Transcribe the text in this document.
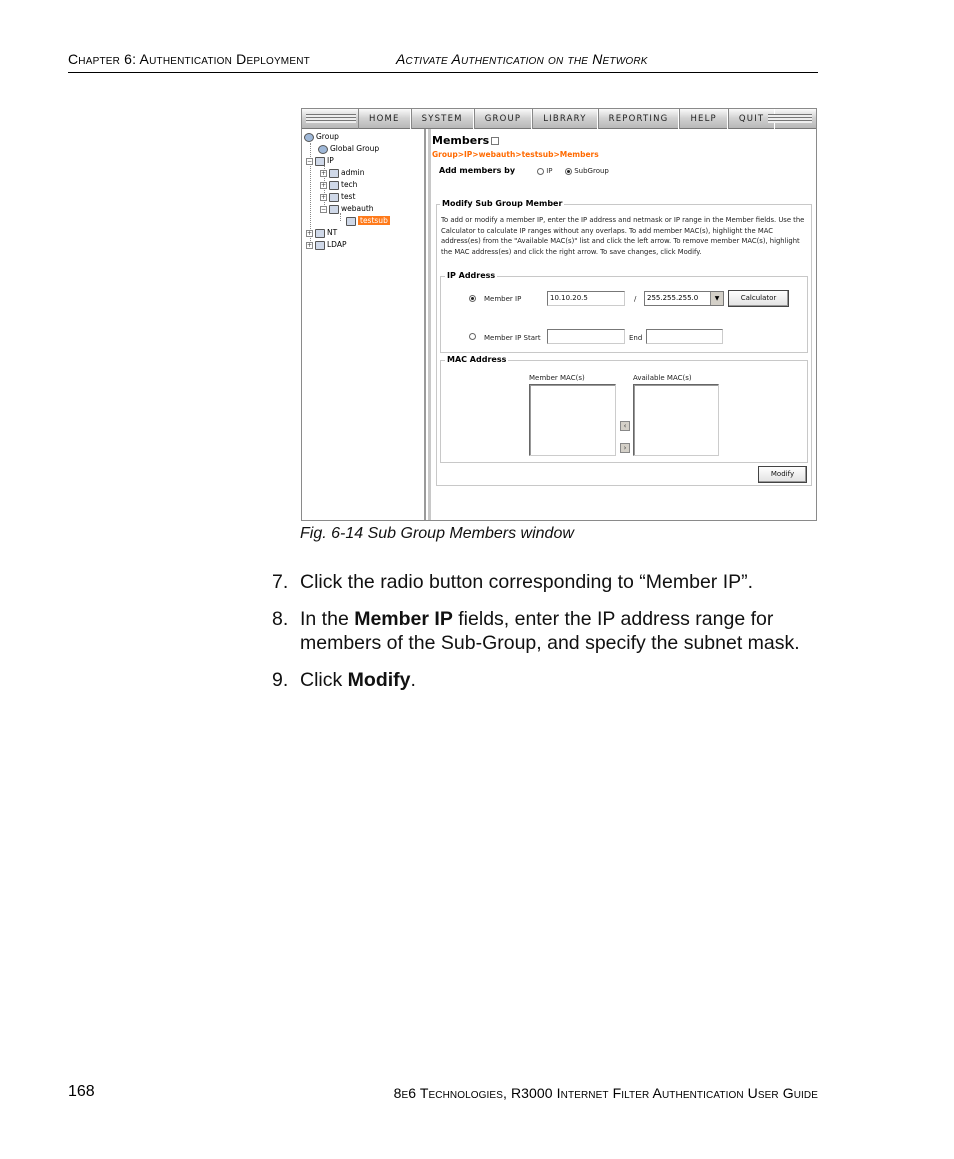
Chapter 6: Authentication Deployment	Activate Authentication on the Network
HOME	SYSTEM	GROUP	LIBRARY	REPORTING	HELP	QUIT
Group
Global Group
− IP
+ admin
+ tech
+ test
− webauth
testsub
+ NT
+ LDAP
Members
Group>IP>webauth>testsub>Members
Add members by	IP	SubGroup
Modify Sub Group Member
To add or modify a member IP, enter the IP address and netmask or IP range in the Member fields. Use the Calculator to calculate IP ranges without any overlaps. To add member MAC(s), highlight the MAC address(es) from the "Available MAC(s)" list and click the left arrow. To remove member MAC(s), highlight the MAC address(es) and click the right arrow. To save changes, click Modify.
IP Address
Member IP	10.10.20.5	/	255.255.255.0	▼	Calculator
Member IP Start	End
MAC Address
Member MAC(s)
‹
›
Available MAC(s)
Modify
Fig. 6-14 Sub Group Members window
7. Click the radio button corresponding to “Member IP”.
8. In the Member IP fields, enter the IP address range for members of the Sub-Group, and specify the subnet mask.
9. Click Modify.
168	8e6 Technologies, R3000 Internet Filter Authentication User Guide
